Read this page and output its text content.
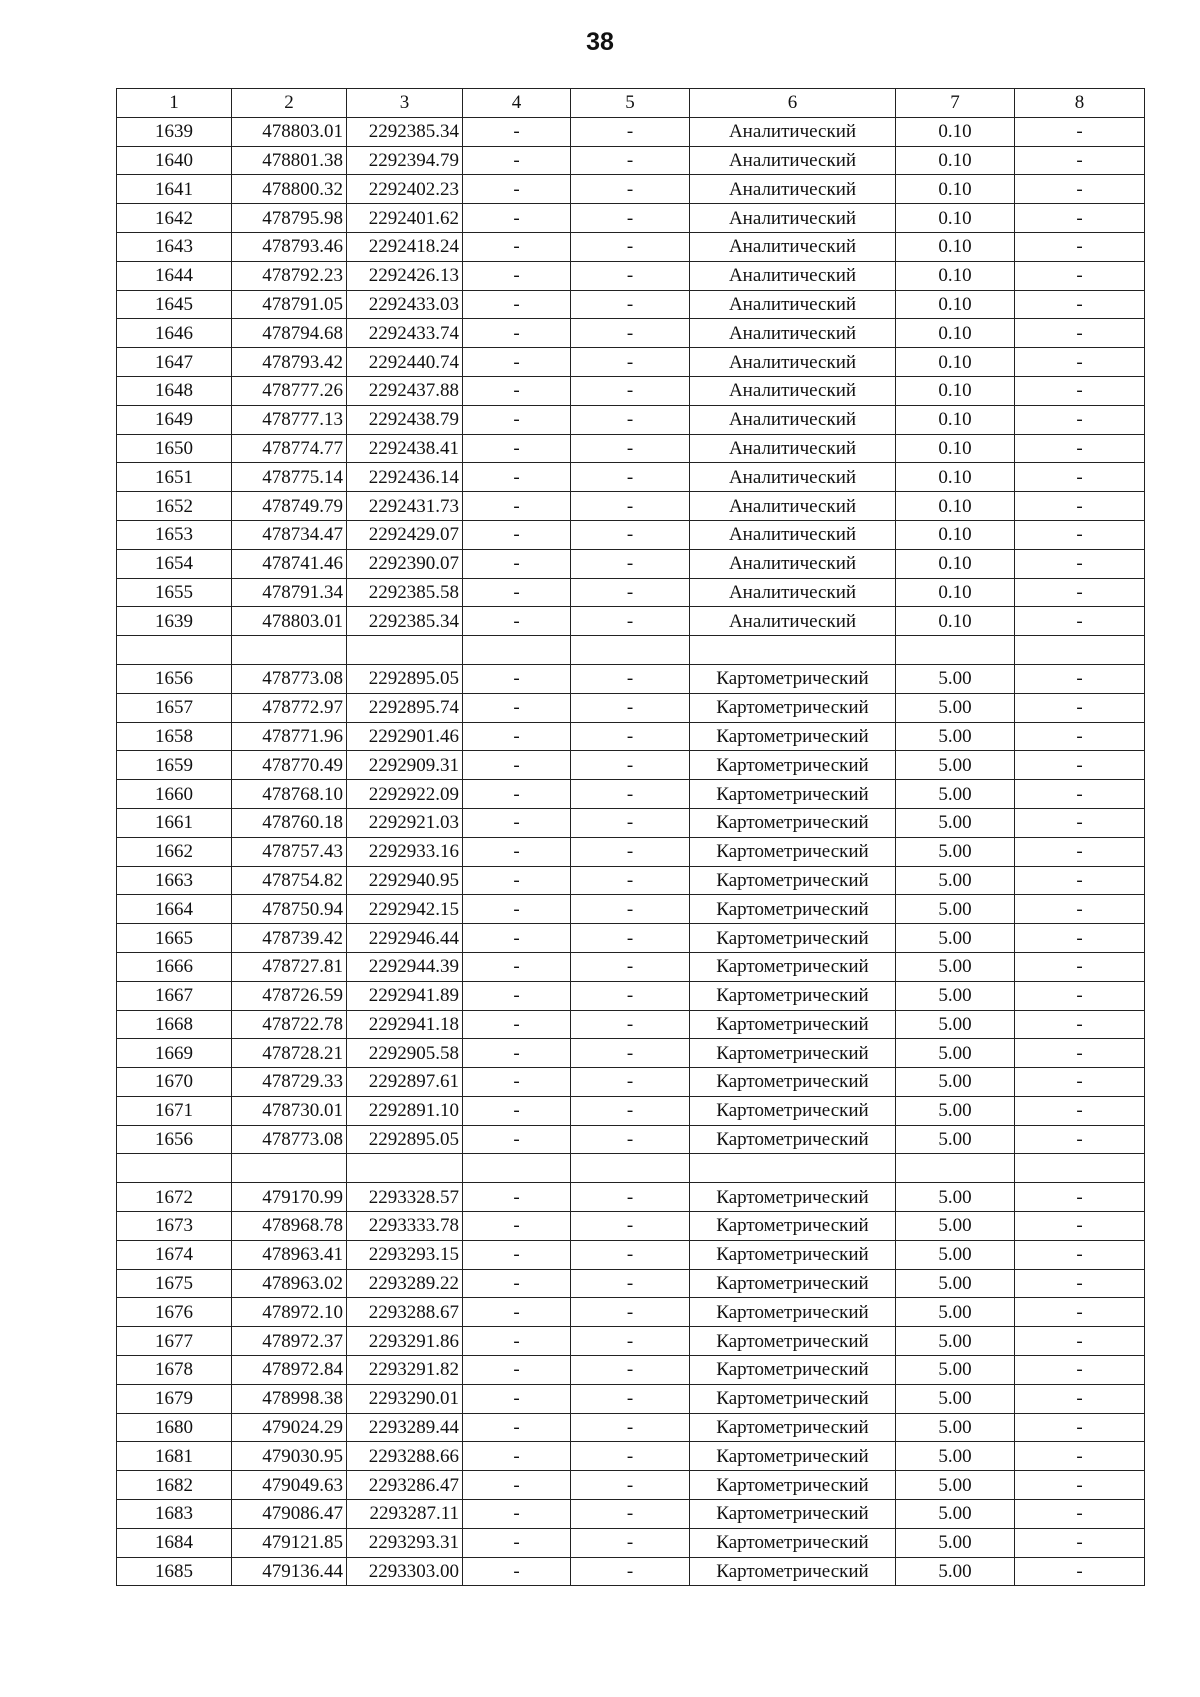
38
1	2	3	4	5	6	7	8
1639	478803.01	2292385.34	-	-	Аналитический	0.10	-
1640	478801.38	2292394.79	-	-	Аналитический	0.10	-
1641	478800.32	2292402.23	-	-	Аналитический	0.10	-
1642	478795.98	2292401.62	-	-	Аналитический	0.10	-
1643	478793.46	2292418.24	-	-	Аналитический	0.10	-
1644	478792.23	2292426.13	-	-	Аналитический	0.10	-
1645	478791.05	2292433.03	-	-	Аналитический	0.10	-
1646	478794.68	2292433.74	-	-	Аналитический	0.10	-
1647	478793.42	2292440.74	-	-	Аналитический	0.10	-
1648	478777.26	2292437.88	-	-	Аналитический	0.10	-
1649	478777.13	2292438.79	-	-	Аналитический	0.10	-
1650	478774.77	2292438.41	-	-	Аналитический	0.10	-
1651	478775.14	2292436.14	-	-	Аналитический	0.10	-
1652	478749.79	2292431.73	-	-	Аналитический	0.10	-
1653	478734.47	2292429.07	-	-	Аналитический	0.10	-
1654	478741.46	2292390.07	-	-	Аналитический	0.10	-
1655	478791.34	2292385.58	-	-	Аналитический	0.10	-
1639	478803.01	2292385.34	-	-	Аналитический	0.10	-

1656	478773.08	2292895.05	-	-	Картометрический	5.00	-
1657	478772.97	2292895.74	-	-	Картометрический	5.00	-
1658	478771.96	2292901.46	-	-	Картометрический	5.00	-
1659	478770.49	2292909.31	-	-	Картометрический	5.00	-
1660	478768.10	2292922.09	-	-	Картометрический	5.00	-
1661	478760.18	2292921.03	-	-	Картометрический	5.00	-
1662	478757.43	2292933.16	-	-	Картометрический	5.00	-
1663	478754.82	2292940.95	-	-	Картометрический	5.00	-
1664	478750.94	2292942.15	-	-	Картометрический	5.00	-
1665	478739.42	2292946.44	-	-	Картометрический	5.00	-
1666	478727.81	2292944.39	-	-	Картометрический	5.00	-
1667	478726.59	2292941.89	-	-	Картометрический	5.00	-
1668	478722.78	2292941.18	-	-	Картометрический	5.00	-
1669	478728.21	2292905.58	-	-	Картометрический	5.00	-
1670	478729.33	2292897.61	-	-	Картометрический	5.00	-
1671	478730.01	2292891.10	-	-	Картометрический	5.00	-
1656	478773.08	2292895.05	-	-	Картометрический	5.00	-

1672	479170.99	2293328.57	-	-	Картометрический	5.00	-
1673	478968.78	2293333.78	-	-	Картометрический	5.00	-
1674	478963.41	2293293.15	-	-	Картометрический	5.00	-
1675	478963.02	2293289.22	-	-	Картометрический	5.00	-
1676	478972.10	2293288.67	-	-	Картометрический	5.00	-
1677	478972.37	2293291.86	-	-	Картометрический	5.00	-
1678	478972.84	2293291.82	-	-	Картометрический	5.00	-
1679	478998.38	2293290.01	-	-	Картометрический	5.00	-
1680	479024.29	2293289.44	-	-	Картометрический	5.00	-
1681	479030.95	2293288.66	-	-	Картометрический	5.00	-
1682	479049.63	2293286.47	-	-	Картометрический	5.00	-
1683	479086.47	2293287.11	-	-	Картометрический	5.00	-
1684	479121.85	2293293.31	-	-	Картометрический	5.00	-
1685	479136.44	2293303.00	-	-	Картометрический	5.00	-
